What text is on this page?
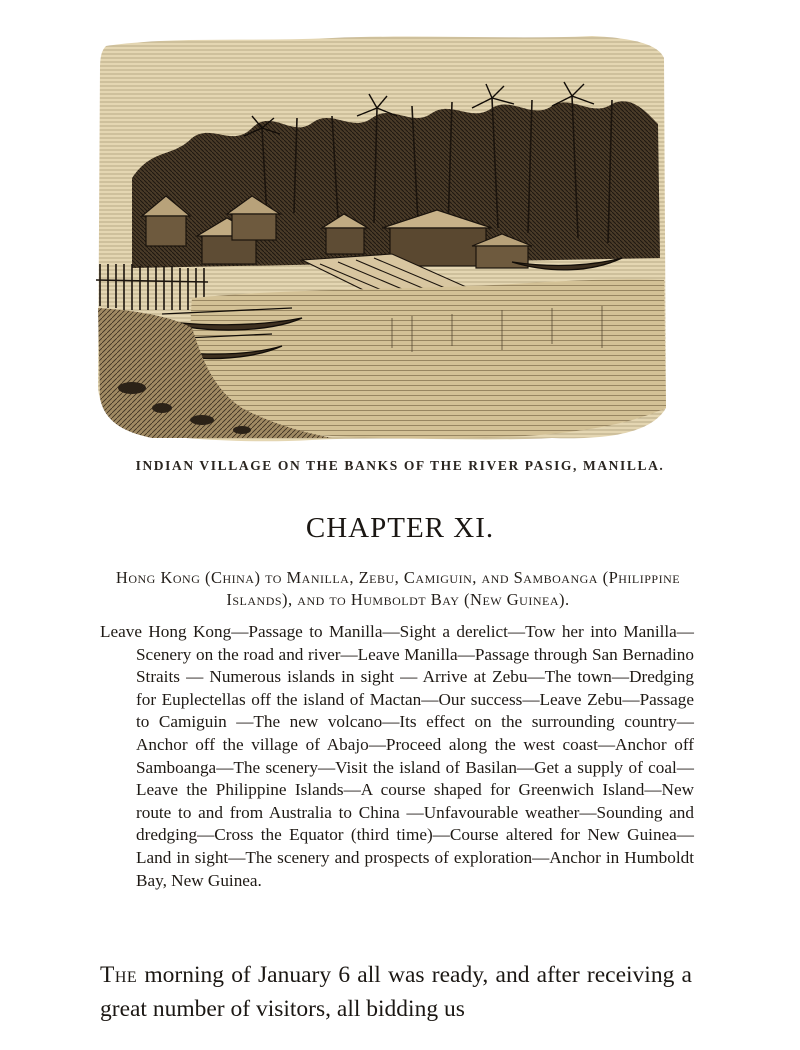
INDIAN VILLAGE ON THE BANKS OF THE RIVER PASIG, MANILLA.
CHAPTER XI.
Hong Kong (China) to Manilla, Zebu, Camiguin, and Samboanga (Philippine Islands), and to Humboldt Bay (New Guinea).

Leave Hong Kong—Passage to Manilla—Sight a derelict—Tow her into Manilla—Scenery on the road and river—Leave Manilla—Passage through San Bernadino Straits — Numerous islands in sight — Arrive at Zebu—The town—Dredging for Euplectellas off the island of Mactan—Our success—Leave Zebu—Passage to Camiguin —The new volcano—Its effect on the surrounding country—Anchor off the village of Abajo—Proceed along the west coast—Anchor off Samboanga—The scenery—Visit the island of Basilan—Get a supply of coal—Leave the Philippine Islands—A course shaped for Greenwich Island—New route to and from Australia to China —Unfavourable weather—Sounding and dredging—Cross the Equator (third time)—Course altered for New Guinea—Land in sight—The scenery and prospects of exploration—Anchor in Humboldt Bay, New Guinea.

The morning of January 6 all was ready, and after receiving a great number of visitors, all bidding us
